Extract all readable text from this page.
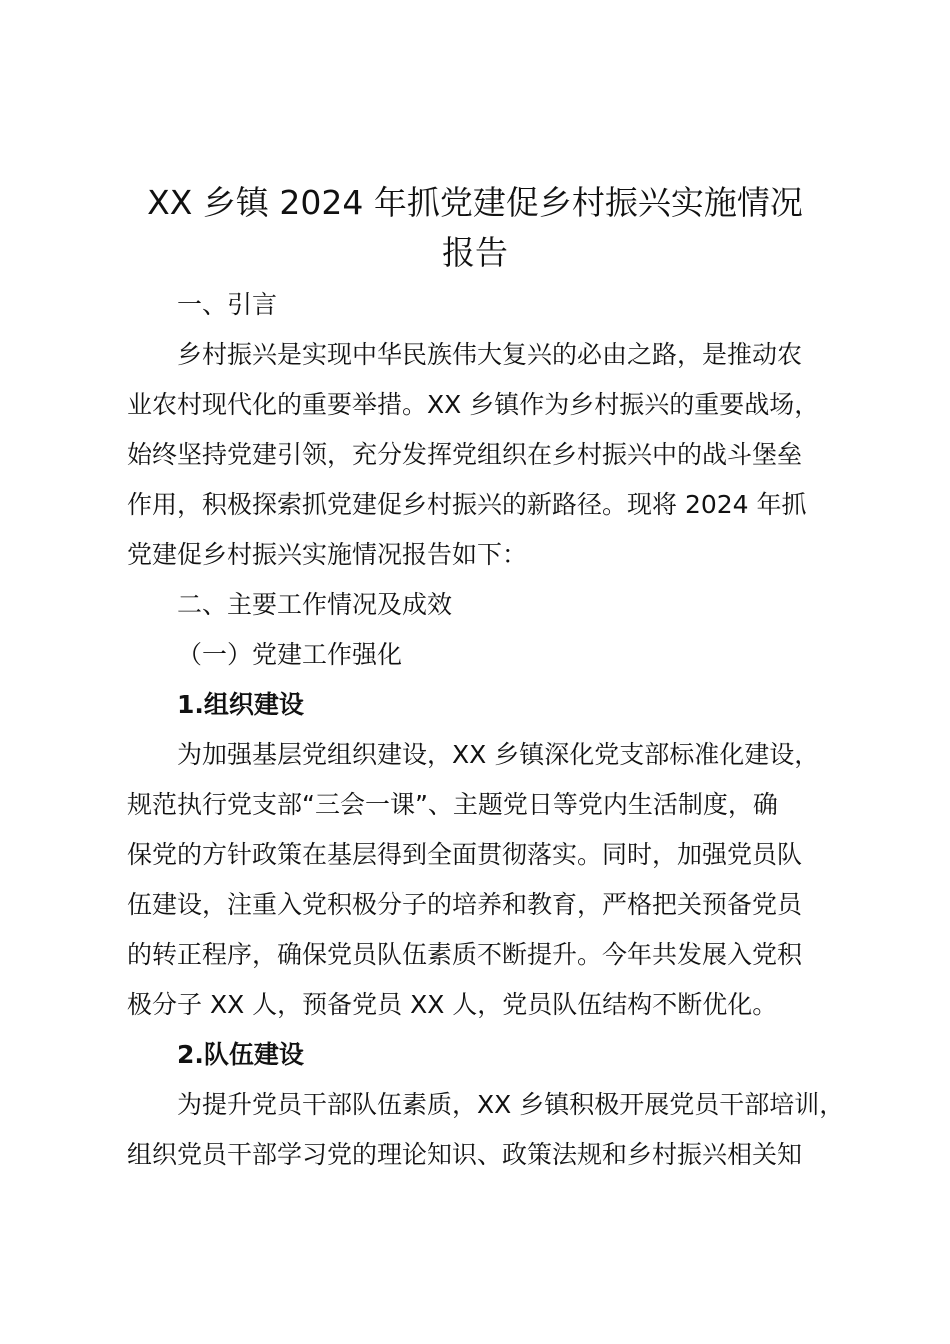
XX 乡镇 2024 年抓党建促乡村振兴实施情况
报告
一、引言
乡村振兴是实现中华民族伟大复兴的必由之路，是推动农
业农村现代化的重要举措。XX 乡镇作为乡村振兴的重要战场，
始终坚持党建引领，充分发挥党组织在乡村振兴中的战斗堡垒
作用，积极探索抓党建促乡村振兴的新路径。现将 2024 年抓
党建促乡村振兴实施情况报告如下：
二、主要工作情况及成效
（一）党建工作强化
1.组织建设
为加强基层党组织建设，XX 乡镇深化党支部标准化建设，
规范执行党支部“三会一课”、主题党日等党内生活制度，确
保党的方针政策在基层得到全面贯彻落实。同时，加强党员队
伍建设，注重入党积极分子的培养和教育，严格把关预备党员
的转正程序，确保党员队伍素质不断提升。今年共发展入党积
极分子 XX 人，预备党员 XX 人，党员队伍结构不断优化。
2.队伍建设
为提升党员干部队伍素质，XX 乡镇积极开展党员干部培训，
组织党员干部学习党的理论知识、政策法规和乡村振兴相关知
